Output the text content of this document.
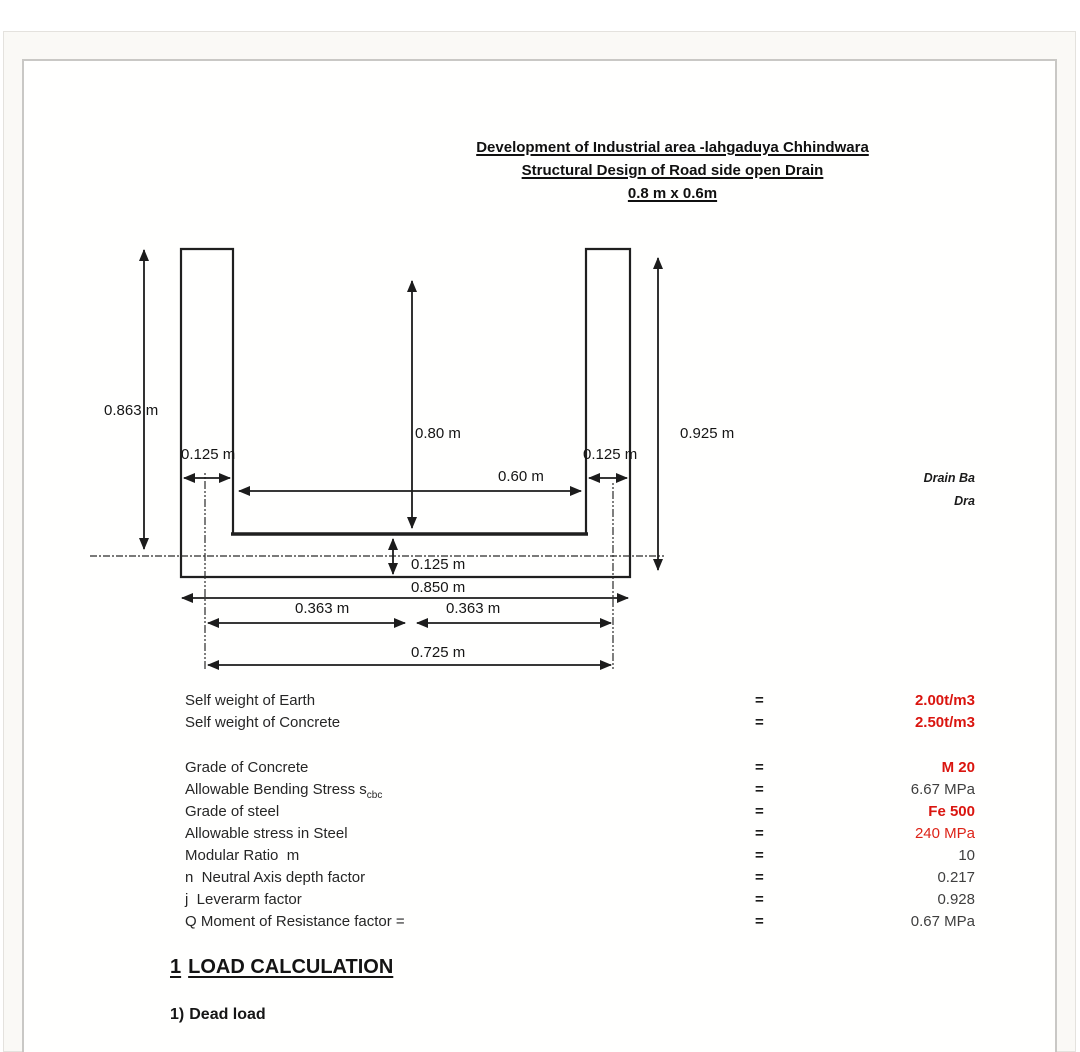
Development of Industrial area -lahgaduya Chhindwara
Structural Design of Road side open Drain
0.8 m x 0.6m
0.863 m
0.125 m
0.80 m
0.60 m
0.125 m
0.925 m
0.125 m
0.850 m
0.363 m	0.363 m
0.725 m
Drain Ba
Dra
Self weight of Earth	=	2.00t/m3
Self weight of Concrete	=	2.50t/m3
Grade of Concrete	=	M 20
Allowable Bending Stress $s_{cbc}$	=	6.67 MPa
Grade of steel	=	Fe 500
Allowable stress in Steel	=	240 MPa
Modular Ratio  m	=	10
n  Neutral Axis depth factor	=	0.217
j  Leverarm factor	=	0.928
Q Moment of Resistance factor =	=	0.67 MPa
1 LOAD CALCULATION
1) Dead load
